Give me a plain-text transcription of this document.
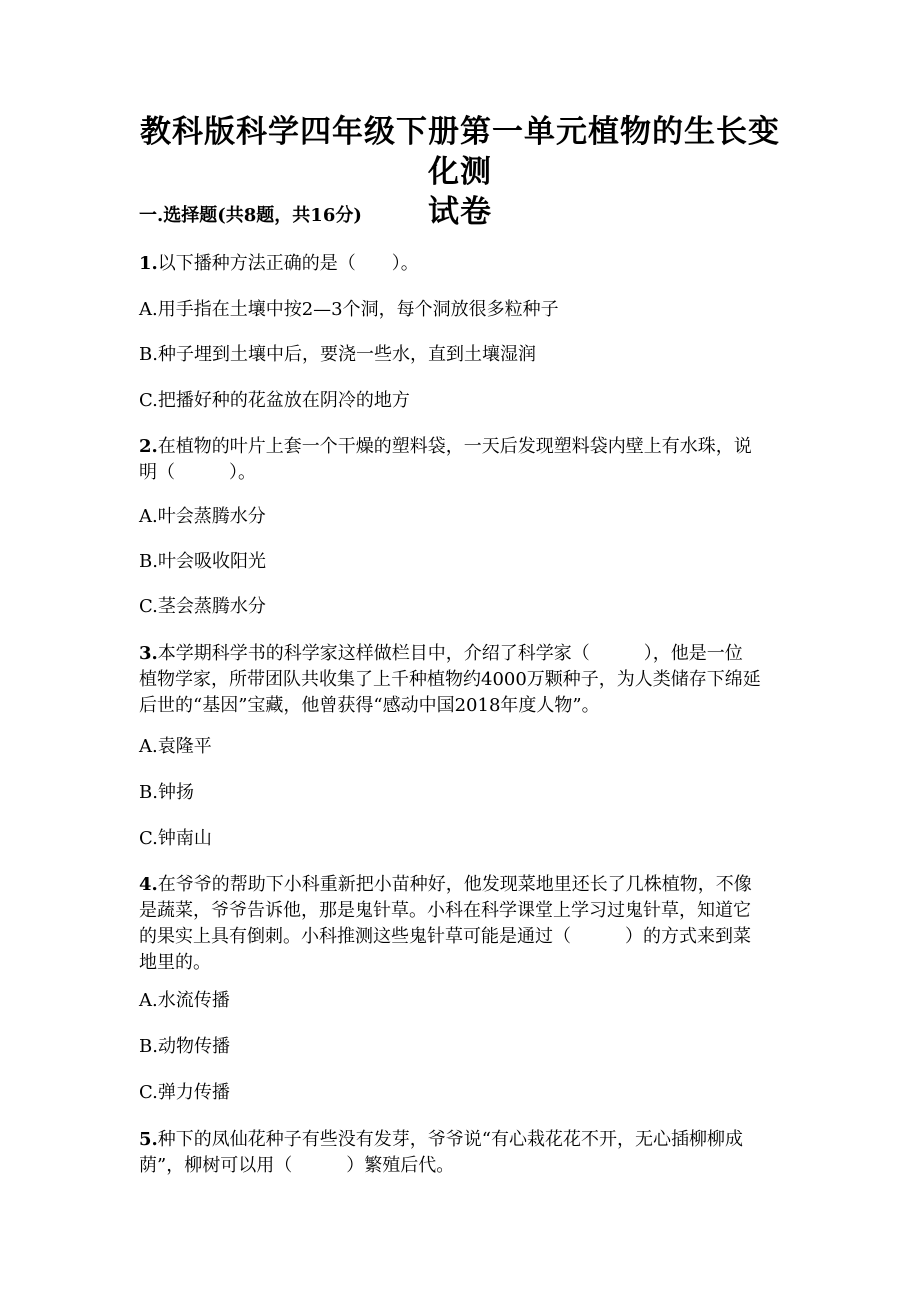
教科版科学四年级下册第一单元植物的生长变化测
试卷
一.选择题(共8题，共16分)
1.以下播种方法正确的是（　　）。
A.用手指在土壤中按2—3个洞，每个洞放很多粒种子
B.种子埋到土壤中后，要浇一些水，直到土壤湿润
C.把播好种的花盆放在阴冷的地方
2.在植物的叶片上套一个干燥的塑料袋，一天后发现塑料袋内壁上有水珠，说
明（　　　）。
A.叶会蒸腾水分
B.叶会吸收阳光
C.茎会蒸腾水分
3.本学期科学书的科学家这样做栏目中，介绍了科学家（　　　），他是一位
植物学家，所带团队共收集了上千种植物约4000万颗种子，为人类储存下绵延
后世的“基因”宝藏，他曾获得“感动中国2018年度人物”。
A.袁隆平
B.钟扬
C.钟南山
4.在爷爷的帮助下小科重新把小苗种好，他发现菜地里还长了几株植物，不像
是蔬菜，爷爷告诉他，那是鬼针草。小科在科学课堂上学习过鬼针草，知道它
的果实上具有倒刺。小科推测这些鬼针草可能是通过（　　　）的方式来到菜
地里的。
A.水流传播
B.动物传播
C.弹力传播
5.种下的凤仙花种子有些没有发芽，爷爷说“有心栽花花不开，无心插柳柳成
荫”，柳树可以用（　　　）繁殖后代。
